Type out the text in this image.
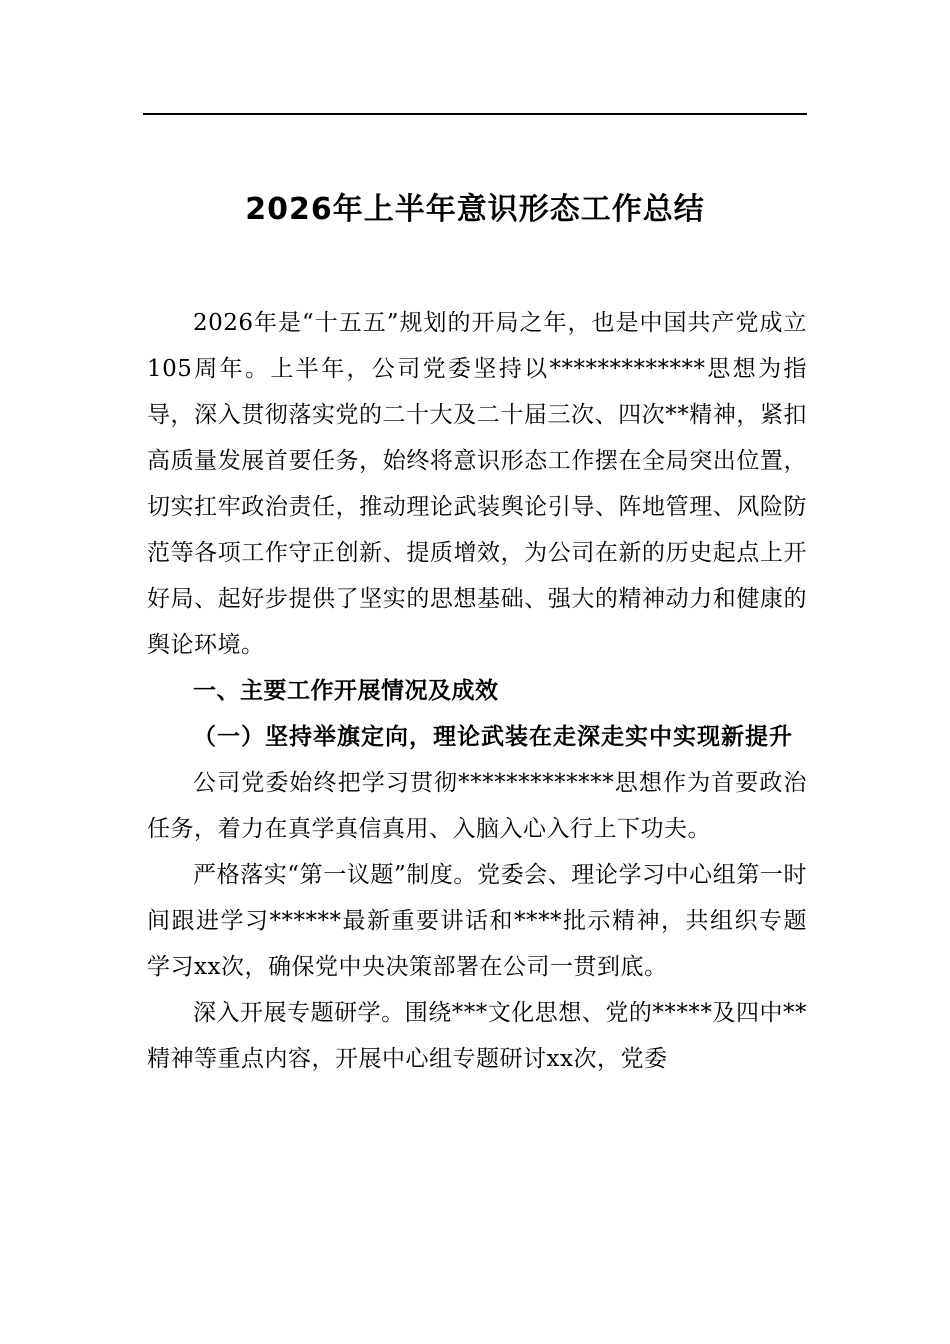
2026年上半年意识形态工作总结

2026年是“十五五”规划的开局之年，也是中国共产党成立105周年。上半年，公司党委坚持以*************思想为指导，深入贯彻落实党的二十大及二十届三次、四次**精神，紧扣高质量发展首要任务，始终将意识形态工作摆在全局突出位置，切实扛牢政治责任，推动理论武装舆论引导、阵地管理、风险防范等各项工作守正创新、提质增效，为公司在新的历史起点上开好局、起好步提供了坚实的思想基础、强大的精神动力和健康的舆论环境。

一、主要工作开展情况及成效

（一）坚持举旗定向，理论武装在走深走实中实现新提升

公司党委始终把学习贯彻*************思想作为首要政治任务，着力在真学真信真用、入脑入心入行上下功夫。

严格落实“第一议题”制度。党委会、理论学习中心组第一时间跟进学习******最新重要讲话和****批示精神，共组织专题学习xx次，确保党中央决策部署在公司一贯到底。

深入开展专题研学。围绕***文化思想、党的*****及四中**精神等重点内容，开展中心组专题研讨xx次，党委
